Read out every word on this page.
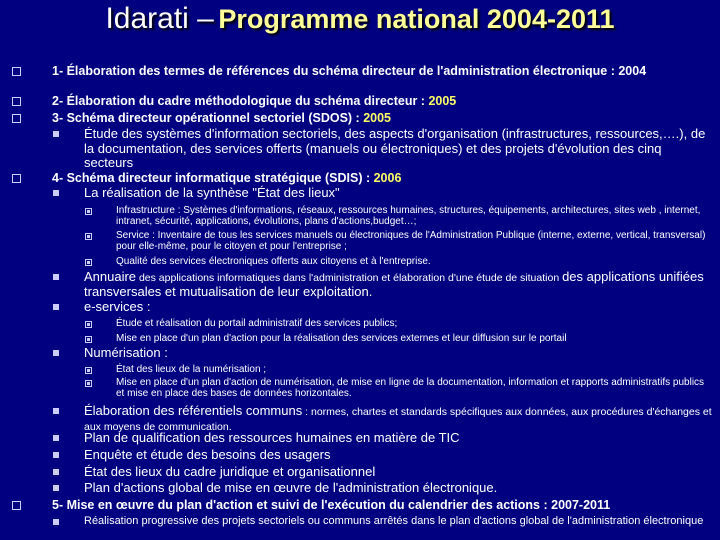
Idarati – Programme national 2004-2011
1- Élaboration des termes de références du schéma directeur de l'administration électronique : 2004
2- Élaboration du cadre méthodologique du schéma directeur : 2005
3- Schéma directeur opérationnel sectoriel (SDOS) : 2005
Étude des systèmes d'information sectoriels, des aspects d'organisation (infrastructures, ressources,….), de la documentation, des services offerts (manuels ou électroniques) et des projets d'évolution des cinq secteurs
4- Schéma directeur informatique stratégique (SDIS) : 2006
La réalisation de la synthèse "État des lieux"
Infrastructure : Systèmes d'informations, réseaux, ressources humaines, structures, équipements, architectures, sites web , internet, intranet, sécurité, applications, évolutions, plans d'actions,budget…;
Service : Inventaire de tous les services manuels ou électroniques de l'Administration Publique (interne, externe, vertical, transversal) pour elle-même, pour le citoyen et pour l'entreprise ;
Qualité des services électroniques offerts aux citoyens et à l'entreprise.
Annuaire des applications informatiques dans l'administration et élaboration d'une étude de situation des applications unifiées transversales et mutualisation de leur exploitation.
e-services :
Étude et réalisation du portail administratif des services publics;
Mise en place d'un plan d'action pour la réalisation des services externes et leur diffusion sur le portail
Numérisation :
État des lieux de la numérisation ;
Mise en place d'un plan d'action de numérisation, de mise en ligne de la documentation, information et rapports administratifs publics et mise en place des bases de données horizontales.
Élaboration des référentiels communs : normes, chartes et standards spécifiques aux données, aux procédures d'échanges et aux moyens de communication.
Plan de qualification des ressources humaines en matière de TIC
Enquête et étude des besoins des usagers
État des lieux du cadre juridique et organisationnel
Plan d'actions global de mise en œuvre de l'administration électronique.
5- Mise en œuvre du plan d'action et suivi de l'exécution du calendrier des actions : 2007-2011
Réalisation progressive des projets sectoriels ou communs arrêtés dans le plan d'actions global de l'administration électronique
